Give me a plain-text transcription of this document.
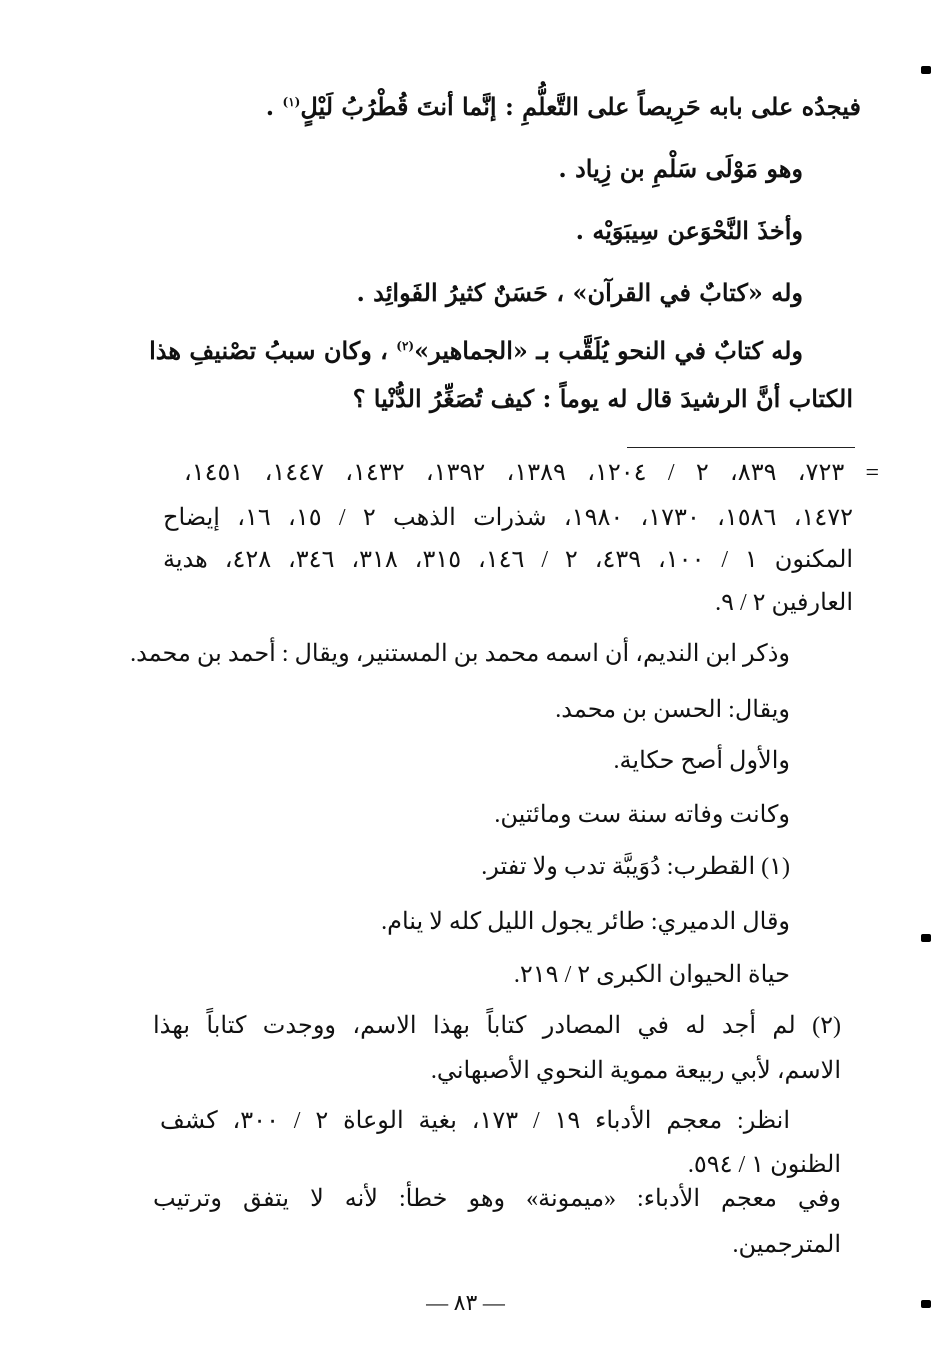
فيجدُه على بابه حَرِيصاً على التَّعلُّمِ : إنَّما أنتَ قُطْرُبُ لَيْلٍ$^{(١)}$ .
وهو مَوْلَى سَلْمِ بن زِياد .
وأخذَ النَّحْوَعن سِيبَوَيْه .
وله «كتابٌ في القرآن» ، حَسَنٌ كثيرُ الفَوائِد .
وله كتابٌ في النحو يُلَقَّب بـ «الجماهير»$^{(٢)}$ ، وكان سببُ تصْنيفِ هذا
الكتاب أنَّ الرشيدَ قال له يوماً : كيف تُصَغِّرُ الدُّنْيا ؟
= ٧٢٣، ٨٣٩، ٢ / ١٢٠٤، ١٣٨٩، ١٣٩٢، ١٤٣٢، ١٤٤٧، ١٤٥١،
١٤٧٢، ١٥٨٦، ١٧٣٠، ١٩٨٠، شذرات الذهب ٢ / ١٥، ١٦، إيضاح
المكنون ١ / ١٠٠، ٤٣٩، ٢ / ١٤٦، ٣١٥، ٣١٨، ٣٤٦، ٤٢٨، هدية
العارفين ٢ / ٩.
وذكر ابن النديم، أن اسمه محمد بن المستنير، ويقال : أحمد بن محمد.
ويقال: الحسن بن محمد.
والأول أصح حكاية.
وكانت وفاته سنة ست ومائتين.
(١) القطرب: دُوَيبَّة تدب ولا تفتر.
وقال الدميري: طائر يجول الليل كله لا ينام.
حياة الحيوان الكبرى ٢ / ٢١٩.
(٢) لم أجد له في المصادر كتاباً بهذا الاسم، ووجدت كتاباً بهذا
الاسم، لأبي ربيعة مموية النحوي الأصبهاني.
انظر: معجم الأدباء ١٩ / ١٧٣، بغية الوعاة ٢ / ٣٠٠، كشف
الظنون ١ / ٥٩٤.
وفي معجم الأدباء: «ميمونة» وهو خطأ: لأنه لا يتفق وترتيب
المترجمين.
— ٨٣ —
